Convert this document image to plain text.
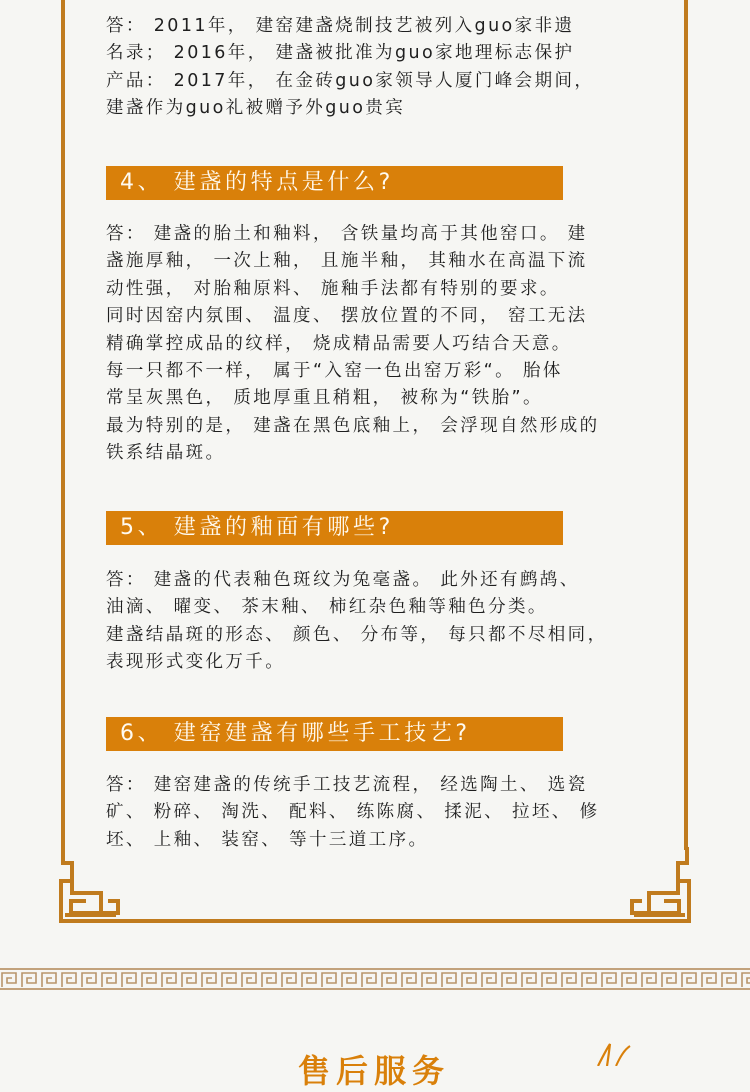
答： 2011年， 建窑建盏烧制技艺被列入guo家非遗
名录； 2016年， 建盏被批准为guo家地理标志保护
产品： 2017年， 在金砖guo家领导人厦门峰会期间，
建盏作为guo礼被赠予外guo贵宾

4、 建盏的特点是什么?

答： 建盏的胎土和釉料， 含铁量均高于其他窑口。 建
盏施厚釉， 一次上釉， 且施半釉， 其釉水在高温下流
动性强， 对胎釉原料、 施釉手法都有特别的要求。
同时因窑内氛围、 温度、 摆放位置的不同， 窑工无法
精确掌控成品的纹样， 烧成精品需要人巧结合天意。
每一只都不一样， 属于“入窑一色出窑万彩“。 胎体
常呈灰黑色， 质地厚重且稍粗， 被称为“铁胎”。
最为特别的是， 建盏在黑色底釉上， 会浮现自然形成的
铁系结晶斑。

5、 建盏的釉面有哪些?

答： 建盏的代表釉色斑纹为兔毫盏。 此外还有鹧鸪、
油滴、 曜变、 茶末釉、 柿红杂色釉等釉色分类。
建盏结晶斑的形态、 颜色、 分布等， 每只都不尽相同，
表现形式变化万千。

6、 建窑建盏有哪些手工技艺?

答： 建窑建盏的传统手工技艺流程， 经选陶土、 选瓷
矿、 粉碎、 淘洗、 配料、 练陈腐、 揉泥、 拉坯、 修
坯、 上釉、 装窑、 等十三道工序。

售后服务
